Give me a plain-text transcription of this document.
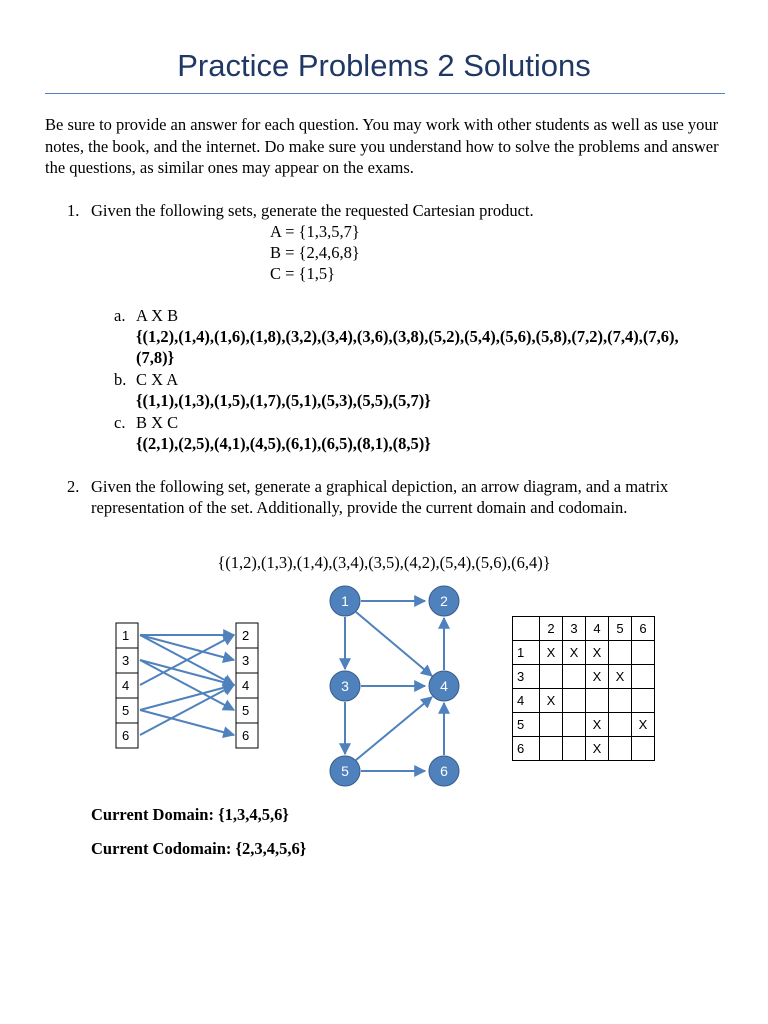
Practice Problems 2 Solutions
Be sure to provide an answer for each question. You may work with other students as well as use your notes, the book, and the internet. Do make sure you understand how to solve the problems and answer the questions, as similar ones may appear on the exams.
1. Given the following sets, generate the requested Cartesian product.
A = {1,3,5,7}
B = {2,4,6,8}
C = {1,5}
a. A X B
{(1,2),(1,4),(1,6),(1,8),(3,2),(3,4),(3,6),(3,8),(5,2),(5,4),(5,6),(5,8),(7,2),(7,4),(7,6),(7,8)}
b. C X A
{(1,1),(1,3),(1,5),(1,7),(5,1),(5,3),(5,5),(5,7)}
c. B X C
{(2,1),(2,5),(4,1),(4,5),(6,1),(6,5),(8,1),(8,5)}
2. Given the following set, generate a graphical depiction, an arrow diagram, and a matrix representation of the set. Additionally, provide the current domain and codomain.
{(1,2),(1,3),(1,4),(3,4),(3,5),(4,2),(5,4),(5,6),(6,4)}
1
3
4
5
6
2
3
4
5
6
1	2
3	4
5	6
	2	3	4	5	6
1	X	X	X		
3			X	X	
4	X				
5			X		X
6			X		
Current Domain: {1,3,4,5,6}
Current Codomain: {2,3,4,5,6}
